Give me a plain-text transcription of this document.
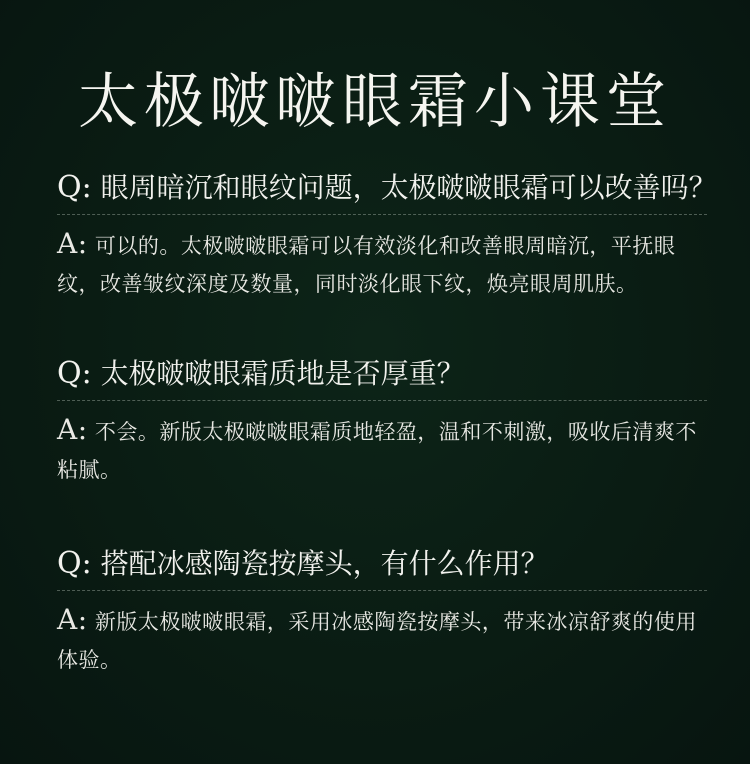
太极啵啵眼霜小课堂
Q: 眼周暗沉和眼纹问题，太极啵啵眼霜可以改善吗？
A: 可以的。太极啵啵眼霜可以有效淡化和改善眼周暗沉，平抚眼纹，改善皱纹深度及数量，同时淡化眼下纹，焕亮眼周肌肤。
Q: 太极啵啵眼霜质地是否厚重？
A: 不会。新版太极啵啵眼霜质地轻盈，温和不刺激，吸收后清爽不粘腻。
Q: 搭配冰感陶瓷按摩头，有什么作用？
A: 新版太极啵啵眼霜，采用冰感陶瓷按摩头，带来冰凉舒爽的使用体验。
